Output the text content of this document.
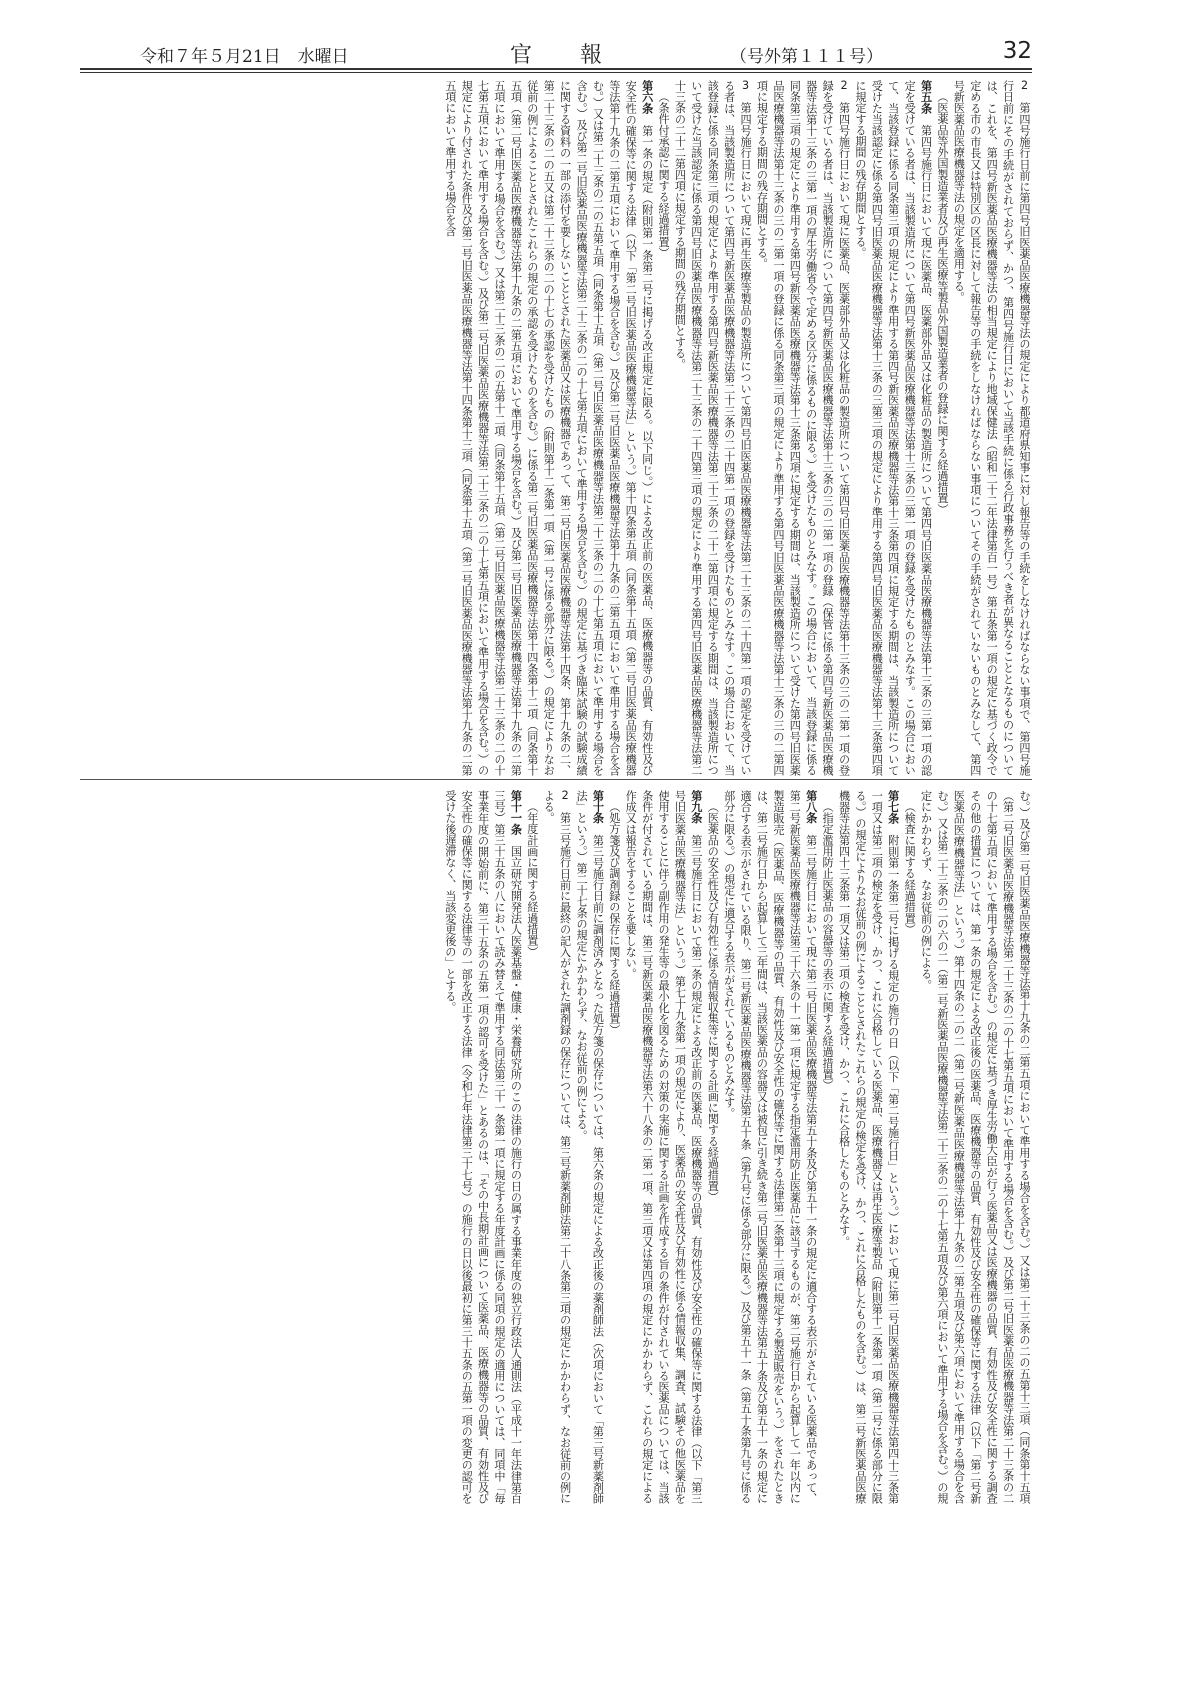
令和７年５月21日　水曜日	官報	（号外第１１１号）	32

2第四号施行日前に第四号旧医薬品医療機器等法の規定により都道府県知事に対し報告等の手続をしなければならない事項で、第四号施行日前にその手続がされておらず、かつ、第四号施行日において当該手続に係る行政事務を行うべき者が異なることとなるものについては、これを、第四号新医薬品医療機器等法の相当規定により地域保健法（昭和二十二年法律第百一号）第五条第一項の規定に基づく政令で定める市の市長又は特別区の区長に対して報告等の手続をしなければならない事項についてその手続がされていないものとみなして、第四号新医薬品医療機器等法の規定を適用する。

（医薬品等外国製造業者及び再生医療等製品外国製造業者の登録に関する経過措置）

第五条第四号施行日において現に医薬品、医薬部外品又は化粧品の製造所について第四号旧医薬品医療機器等法第十三条の三第一項の認定を受けている者は、当該製造所について第四号新医薬品医療機器等法第十三条の三第一項の登録を受けたものとみなす。この場合において、当該登録に係る同条第三項の規定により準用する第四号新医薬品医療機器等法第十三条第四項に規定する期間は、当該製造所について受けた当該認定に係る第四号旧医薬品医療機器等法第十三条の三第三項の規定により準用する第四号旧医薬品医療機器等法第十三条第四項に規定する期間の残存期間とする。

2第四号施行日において現に医薬品、医薬部外品又は化粧品の製造所について第四号旧医薬品医療機器等法第十三条の三の二第一項の登録を受けている者は、当該製造所について第四号新医薬品医療機器等法第十三条の三の二第一項の登録（保管に係る第四号新医薬品医療機器等法第十三条の三第一項の厚生労働省令で定める区分に係るものに限る。）を受けたものとみなす。この場合において、当該登録に係る同条第三項の規定により準用する第四号新医薬品医療機器等法第十三条第四項に規定する期間は、当該製造所について受けた第四号旧医薬品医療機器等法第十三条の三の二第一項の登録に係る同条第三項の規定により準用する第四号旧医薬品医療機器等法第十三条の三の二第四項に規定する期間の残存期間とする。

3第四号施行日において現に再生医療等製品の製造所について第四号旧医薬品医療機器等法第二十三条の二十四第一項の認定を受けている者は、当該製造所について第四号新医薬品医療機器等法第二十三条の二十四第一項の登録を受けたものとみなす。この場合において、当該登録に係る同条第三項の規定により準用する第四号新医薬品医療機器等法第二十三条の二十二第四項に規定する期間は、当該製造所について受けた当該認定に係る第四号旧医薬品医療機器等法第二十三条の二十四第三項の規定により準用する第四号旧医薬品医療機器等法第二十三条の二十二第四項に規定する期間の残存期間とする。

（条件付承認に関する経過措置）

第六条第一条の規定（附則第一条第二号に掲げる改正規定に限る。以下同じ。）による改正前の医薬品、医療機器等の品質、有効性及び安全性の確保等に関する法律（以下「第二号旧医薬品医療機器等法」という。）第十四条第五項（同条第十五項（第二号旧医薬品医療機器等法第十九条の二第五項において準用する場合を含む。）及び第二号旧医薬品医療機器等法第十九条の二第五項において準用する場合を含む。）又は第二十三条の二の五第五項（同条第十五項（第二号旧医薬品医療機器等法第二十三条の二の十七第五項において準用する場合を含む。）及び第二号旧医薬品医療機器等法第二十三条の二の十七第五項において準用する場合を含む。）の規定に基づき臨床試験の試験成績に関する資料の一部の添付を要しないこととされた医薬品又は医療機器であって、第二号旧医薬品医療機器等法第十四条、第十九条の二、第二十三条の二の五又は第二十三条の二の十七の承認を受けたもの（附則第十二条第一項（第一号に係る部分に限る。）の規定によりなお従前の例によることとされたこれらの規定の承認を受けたものを含む。）に係る第二号旧医薬品医療機器等法第十四条第十二項（同条第十五項（第二号旧医薬品医療機器等法第十九条の二第五項において準用する場合を含む。）及び第二号旧医薬品医療機器等法第十九条の二第五項において準用する場合を含む。）又は第二十三条の二の五第十二項（同条第十五項（第二号旧医薬品医療機器等法第二十三条の二の十七第五項において準用する場合を含む。）及び第二号旧医薬品医療機器等法第二十三条の二の十七第五項において準用する場合を含む。）の規定により付された条件及び第二号旧医薬品医療機器等法第十四条第十三項（同条第十五項（第二号旧医薬品医療機器等法第十九条の二第五項において準用する場合を含

む。）及び第二号旧医薬品医療機器等法第十九条の二第五項において準用する場合を含む。）又は第二十三条の二の五第十三項（同条第十五項（第二号旧医薬品医療機器等法第二十三条の二の十七第五項において準用する場合を含む。）及び第二号旧医薬品医療機器等法第二十三条の二の十七第五項において準用する場合を含む。）の規定に基づき厚生労働大臣が行う医薬品又は医療機器の品質、有効性及び安全性に関する調査その他の措置については、第一条の規定による改正後の医薬品、医療機器等の品質、有効性及び安全性の確保等に関する法律（以下「第二号新医薬品医療機器等法」という。）第十四条の二の二（第二号新医薬品医療機器等法第十九条の二第五項及び第六項において準用する場合を含む。）又は第二十三条の二の六の二（第二号新医薬品医療機器等法第二十三条の二の十七第五項及び第六項において準用する場合を含む。）の規定にかかわらず、なお従前の例による。

（検査に関する経過措置）

第七条附則第一条第二号に掲げる規定の施行の日（以下「第二号施行日」という。）において現に第二号旧医薬品医療機器等法第四十三条第一項又は第二項の検定を受け、かつ、これに合格している医薬品、医療機器又は再生医療等製品（附則第十二条第一項（第二号に係る部分に限る。）の規定によりなお従前の例によることとされたこれらの規定の検定を受け、かつ、これに合格したものを含む。）は、第二号新医薬品医療機器等法第四十三条第一項又は第二項の検査を受け、かつ、これに合格したものとみなす。

（指定濫用防止医薬品の容器等の表示に関する経過措置）

第八条第二号施行日において現に第二号旧医薬品医療機器等法第五十条及び第五十一条の規定に適合する表示がされている医薬品であって、第二号新医薬品医療機器等法第三十六条の十一第一項に規定する指定濫用防止医薬品に該当するものが、第二号施行日から起算して一年以内に製造販売（医薬品、医療機器等の品質、有効性及び安全性の確保等に関する法律第二条第十三項に規定する製造販売をいう。）をされたときは、第二号施行日から起算して三年間は、当該医薬品の容器又は被包に引き続き第二号旧医薬品医療機器等法第五十条及び第五十一条の規定に適合する表示がされている限り、第二号新医薬品医療機器等法第五十条（第九号に係る部分に限る。）及び第五十一条（第五十条第九号に係る部分に限る。）の規定に適合する表示がされているものとみなす。

（医薬品の安全性及び有効性に係る情報収集等に関する計画に関する経過措置）

第九条第三号施行日において第二条の規定による改正前の医薬品、医療機器等の品質、有効性及び安全性の確保等に関する法律（以下「第三号旧医薬品医療機器等法」という。）第七十九条第一項の規定により、医薬品の安全性及び有効性に係る情報収集、調査、試験その他医薬品を使用することに伴う副作用の発生等の最小化を図るための対策の実施に関する計画を作成する旨の条件が付されている医薬品については、当該条件が付されている期間は、第三号新医薬品医療機器等法第六十八条の二第一項、第三項又は第四項の規定にかかわらず、これらの規定による作成又は報告をすることを要しない。

（処方箋及び調剤録の保存に関する経過措置）

第十条第三号施行日前に調剤済みとなった処方箋の保存については、第六条の規定による改正後の薬剤師法（次項において「第三号新薬剤師法」という。）第二十七条の規定にかかわらず、なお従前の例による。

2第三号施行日前に最終の記入がされた調剤録の保存については、第三号新薬剤師法第二十八条第三項の規定にかかわらず、なお従前の例による。

（年度計画に関する経過措置）

第十一条国立研究開発法人医薬基盤・健康・栄養研究所のこの法律の施行の日の属する事業年度の独立行政法人通則法（平成十一年法律第百三号）第三十五条の八において読み替えて準用する同法第三十一条第一項に規定する年度計画に係る同項の規定の適用については、同項中「毎事業年度の開始前に、第三十五条の五第一項の認可を受けた」とあるのは、「その中長期計画について医薬品、医療機器等の品質、有効性及び安全性の確保等に関する法律等の一部を改正する法律（令和七年法律第三十七号）の施行の日以後最初に第三十五条の五第一項の変更の認可を受けた後遅滞なく、当該変更後の」とする。
